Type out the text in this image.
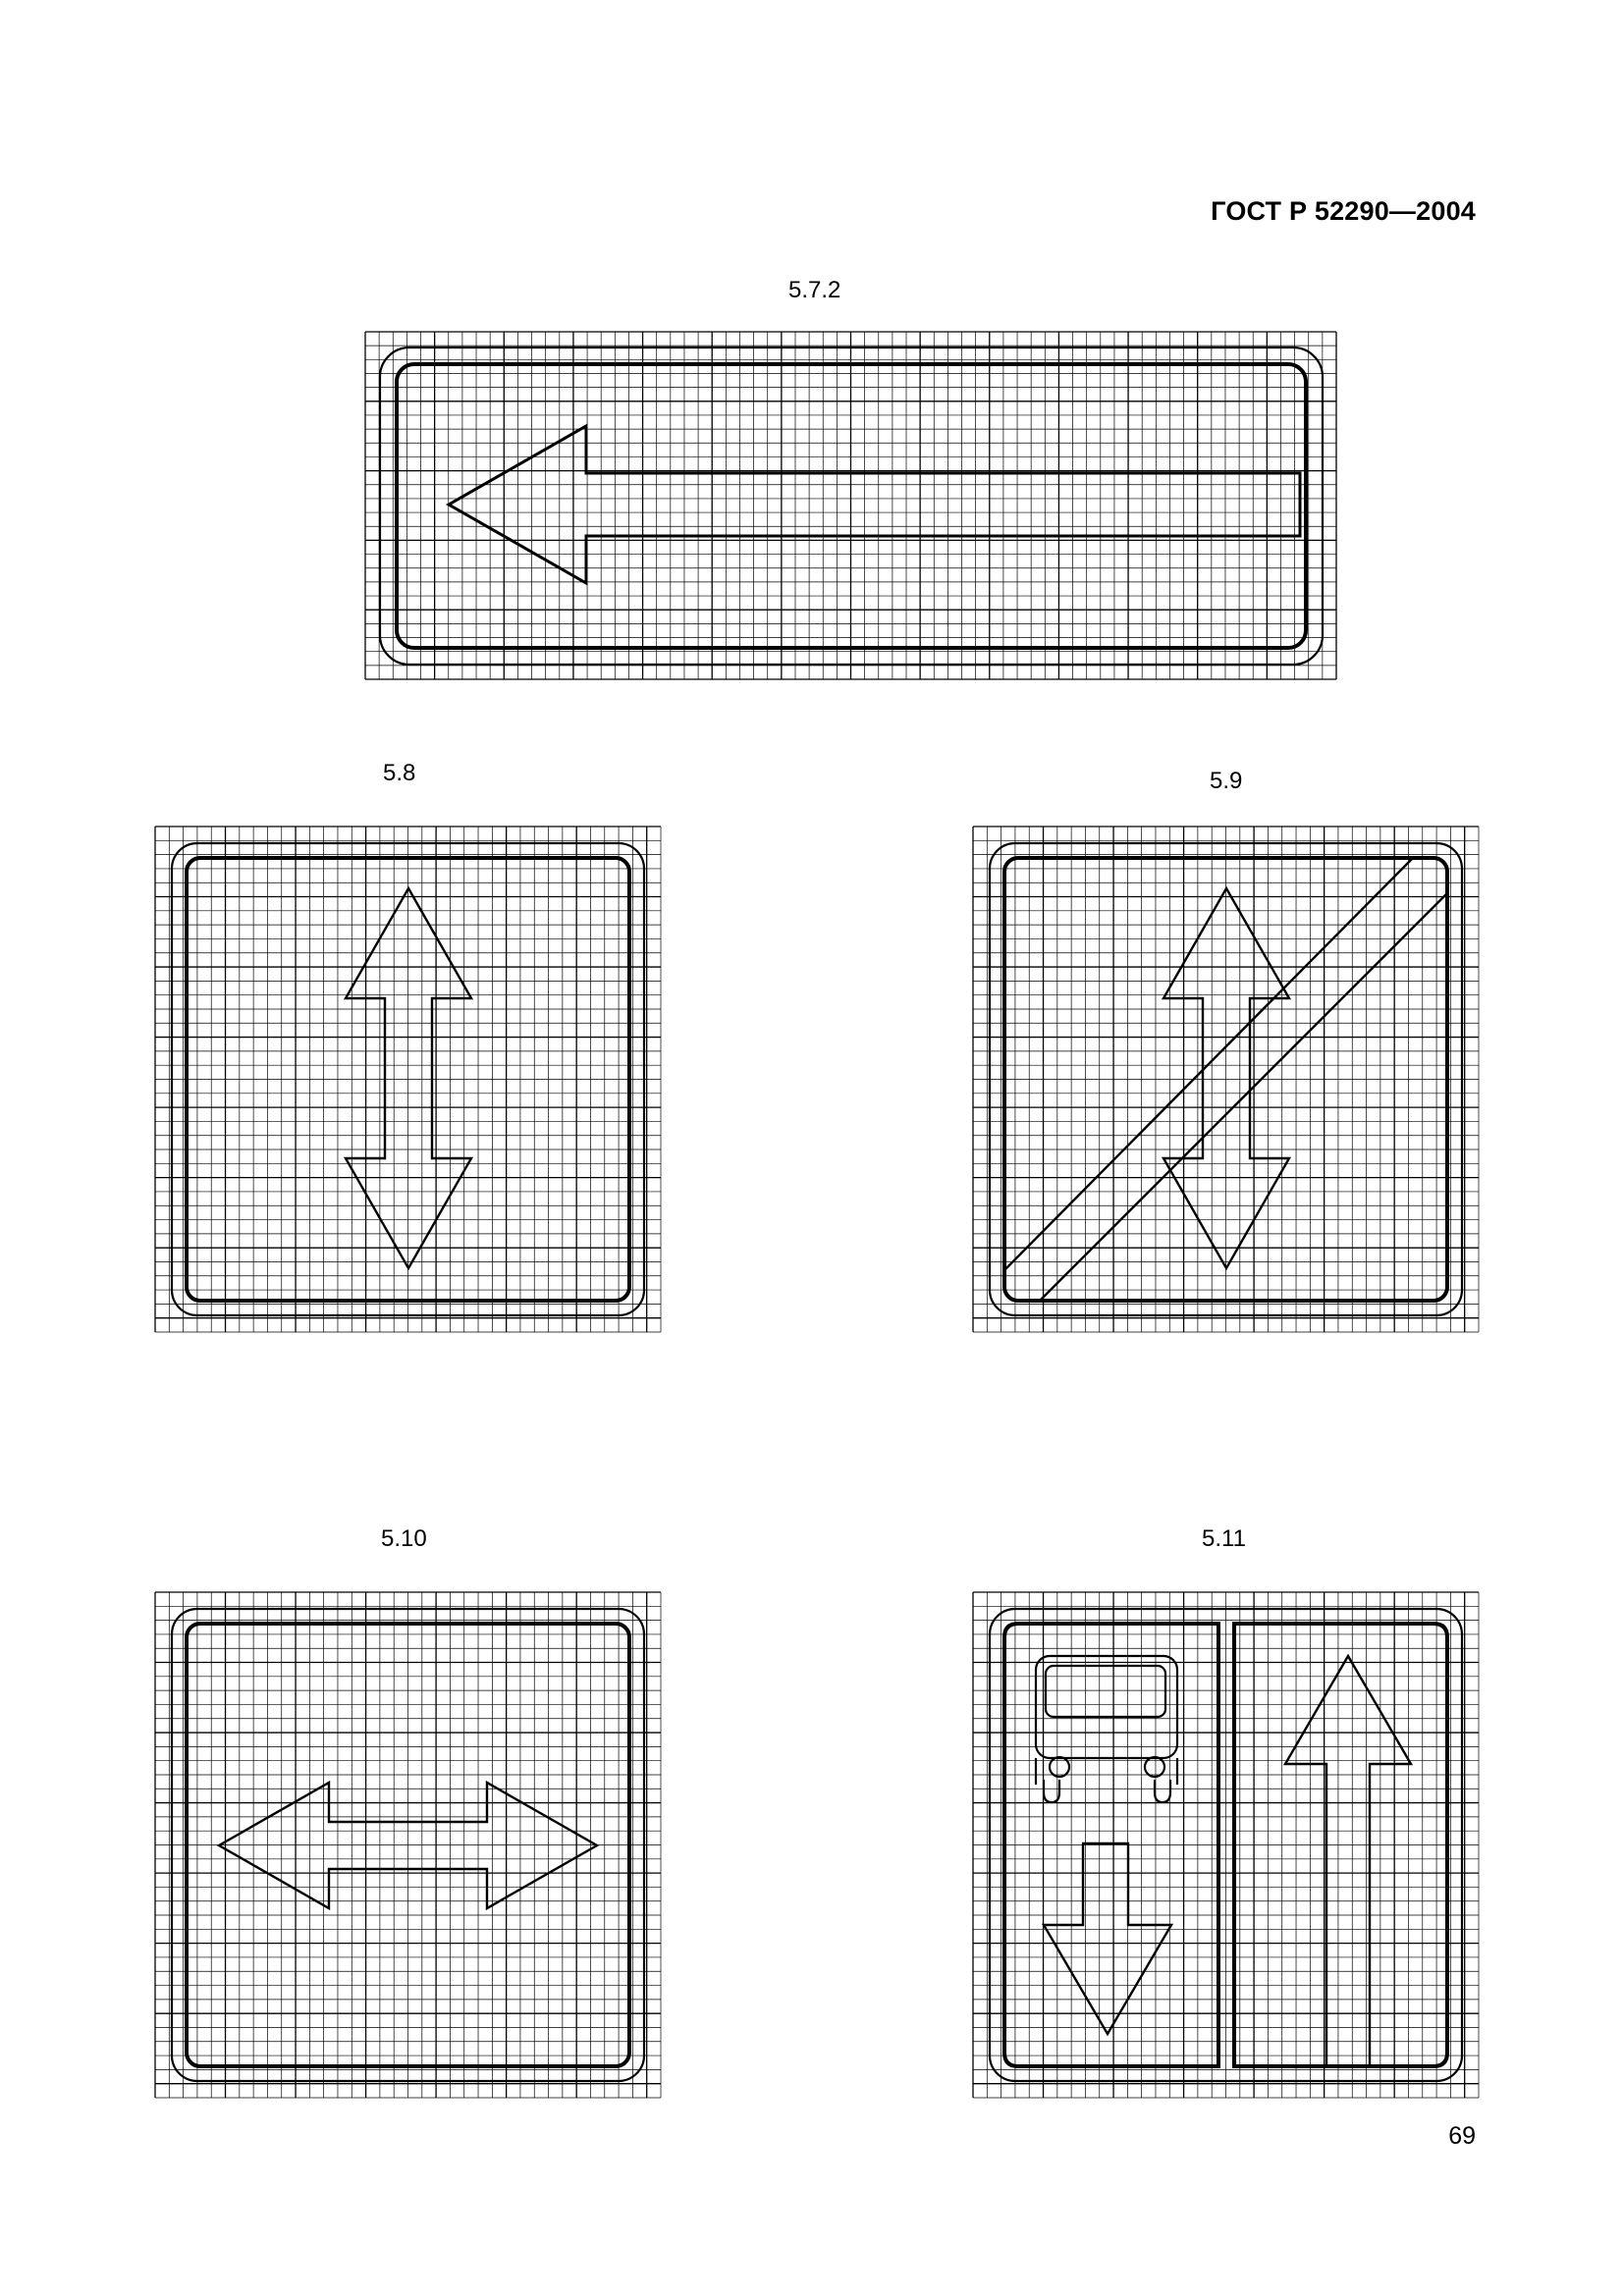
ГОСТ Р 52290—2004
5.7.2
5.8	5.9
5.10	5.11
69
